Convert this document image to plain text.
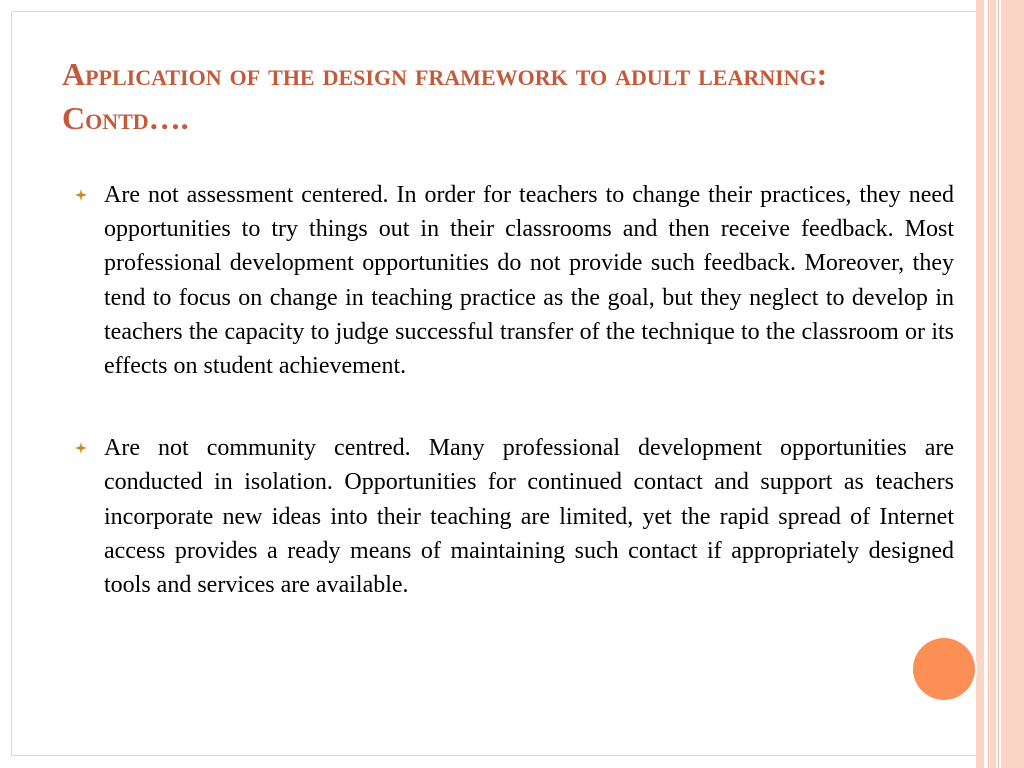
Application of the design framework to adult learning: Contd….
Are not assessment centered. In order for teachers to change their practices, they need opportunities to try things out in their classrooms and then receive feedback. Most professional development opportunities do not provide such feedback. Moreover, they tend to focus on change in teaching practice as the goal, but they neglect to develop in teachers the capacity to judge successful transfer of the technique to the classroom or its effects on student achievement.
Are not community centred. Many professional development opportunities are conducted in isolation. Opportunities for continued contact and support as teachers incorporate new ideas into their teaching are limited, yet the rapid spread of Internet access provides a ready means of maintaining such contact if appropriately designed tools and services are available.
